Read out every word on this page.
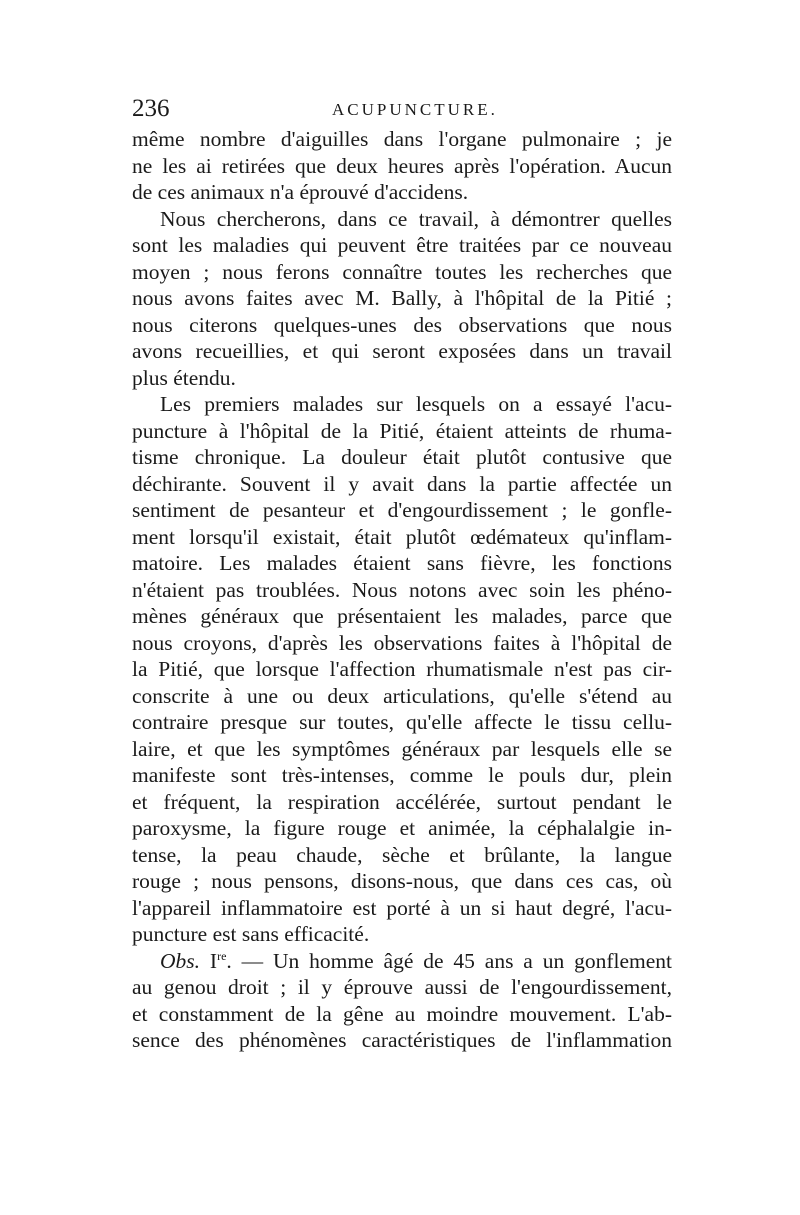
236	ACUPUNCTURE.
même nombre d'aiguilles dans l'organe pulmonaire ; je
ne les ai retirées que deux heures après l'opération. Aucun
de ces animaux n'a éprouvé d'accidens.
Nous chercherons, dans ce travail, à démontrer quelles
sont les maladies qui peuvent être traitées par ce nouveau
moyen ; nous ferons connaître toutes les recherches que
nous avons faites avec M. Bally, à l'hôpital de la Pitié ;
nous citerons quelques-unes des observations que nous
avons recueillies, et qui seront exposées dans un travail
plus étendu.
Les premiers malades sur lesquels on a essayé l'acu-
puncture à l'hôpital de la Pitié, étaient atteints de rhuma-
tisme chronique. La douleur était plutôt contusive que
déchirante. Souvent il y avait dans la partie affectée un
sentiment de pesanteur et d'engourdissement ; le gonfle-
ment lorsqu'il existait, était plutôt œdémateux qu'inflam-
matoire. Les malades étaient sans fièvre, les fonctions
n'étaient pas troublées. Nous notons avec soin les phéno-
mènes généraux que présentaient les malades, parce que
nous croyons, d'après les observations faites à l'hôpital de
la Pitié, que lorsque l'affection rhumatismale n'est pas cir-
conscrite à une ou deux articulations, qu'elle s'étend au
contraire presque sur toutes, qu'elle affecte le tissu cellu-
laire, et que les symptômes généraux par lesquels elle se
manifeste sont très-intenses, comme le pouls dur, plein
et fréquent, la respiration accélérée, surtout pendant le
paroxysme, la figure rouge et animée, la céphalalgie in-
tense, la peau chaude, sèche et brûlante, la langue
rouge ; nous pensons, disons-nous, que dans ces cas, où
l'appareil inflammatoire est porté à un si haut degré, l'acu-
puncture est sans efficacité.
Obs. Ire. — Un homme âgé de 45 ans a un gonflement
au genou droit ; il y éprouve aussi de l'engourdissement,
et constamment de la gêne au moindre mouvement. L'ab-
sence des phénomènes caractéristiques de l'inflammation
